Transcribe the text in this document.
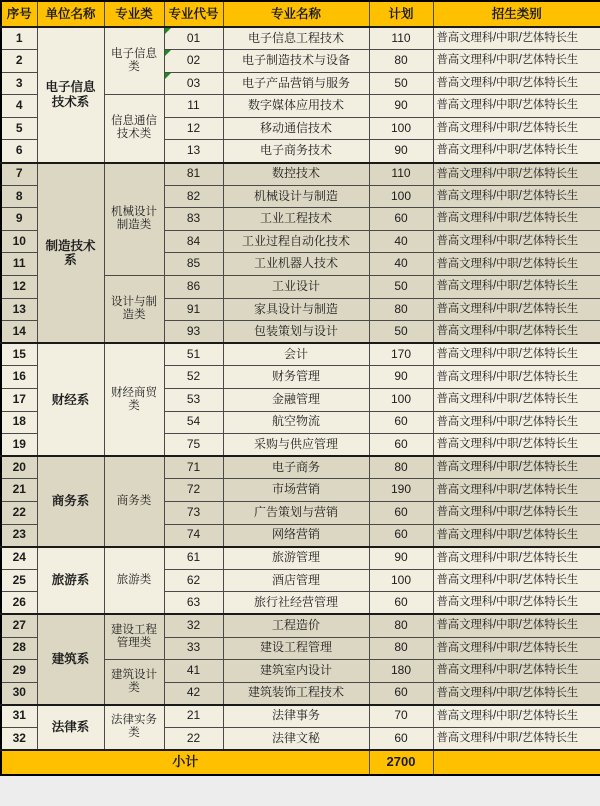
序号	单位名称	专业类	专业代号	专业名称	计划	招生类别
1	电子信息技术系	电子信息类	01	电子信息工程技术	110	普高文理科/中职/艺体特长生
2			02	电子制造技术与设备	80	普高文理科/中职/艺体特长生
3			03	电子产品营销与服务	50	普高文理科/中职/艺体特长生
4		信息通信技术类	11	数字媒体应用技术	90	普高文理科/中职/艺体特长生
5			12	移动通信技术	100	普高文理科/中职/艺体特长生
6			13	电子商务技术	90	普高文理科/中职/艺体特长生
7	制造技术系	机械设计制造类	81	数控技术	110	普高文理科/中职/艺体特长生
8			82	机械设计与制造	100	普高文理科/中职/艺体特长生
9			83	工业工程技术	60	普高文理科/中职/艺体特长生
10			84	工业过程自动化技术	40	普高文理科/中职/艺体特长生
11			85	工业机器人技术	40	普高文理科/中职/艺体特长生
12		设计与制造类	86	工业设计	50	普高文理科/中职/艺体特长生
13			91	家具设计与制造	80	普高文理科/中职/艺体特长生
14			93	包装策划与设计	50	普高文理科/中职/艺体特长生
15	财经系	财经商贸类	51	会计	170	普高文理科/中职/艺体特长生
16			52	财务管理	90	普高文理科/中职/艺体特长生
17			53	金融管理	100	普高文理科/中职/艺体特长生
18			54	航空物流	60	普高文理科/中职/艺体特长生
19			75	采购与供应管理	60	普高文理科/中职/艺体特长生
20	商务系	商务类	71	电子商务	80	普高文理科/中职/艺体特长生
21			72	市场营销	190	普高文理科/中职/艺体特长生
22			73	广告策划与营销	60	普高文理科/中职/艺体特长生
23			74	网络营销	60	普高文理科/中职/艺体特长生
24	旅游系	旅游类	61	旅游管理	90	普高文理科/中职/艺体特长生
25			62	酒店管理	100	普高文理科/中职/艺体特长生
26			63	旅行社经营管理	60	普高文理科/中职/艺体特长生
27	建筑系	建设工程管理类	32	工程造价	80	普高文理科/中职/艺体特长生
28			33	建设工程管理	80	普高文理科/中职/艺体特长生
29		建筑设计类	41	建筑室内设计	180	普高文理科/中职/艺体特长生
30			42	建筑装饰工程技术	60	普高文理科/中职/艺体特长生
31	法律系	法律实务类	21	法律事务	70	普高文理科/中职/艺体特长生
32			22	法律文秘	60	普高文理科/中职/艺体特长生
小计					2700	
